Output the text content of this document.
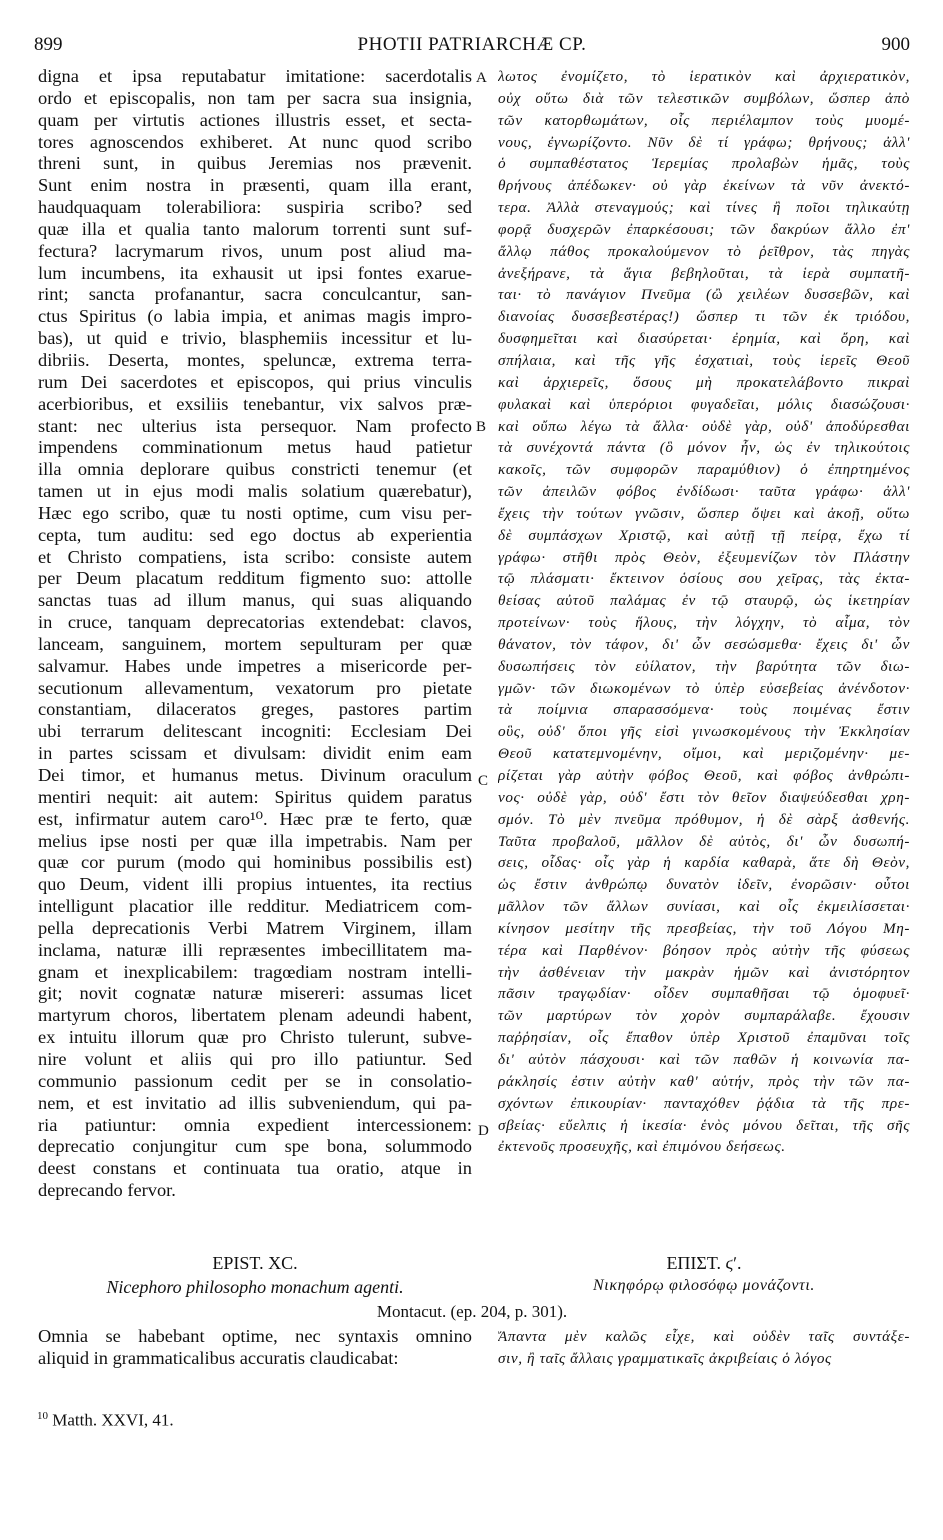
899	PHOTII PATRIARCHÆ CP.	900
digna et ipsa reputabatur imitatione: sacerdotalis
ordo et episcopalis, non tam per sacra sua insignia,
quam per virtutis actiones illustris esset, et secta-
tores agnoscendos exhiberet. At nunc quod scribo
threni sunt, in quibus Jeremias nos prævenit.
Sunt enim nostra in præsenti, quam illa erant,
haudquaquam tolerabiliora: suspiria scribo? sed
quæ illa et qualia tanto malorum torrenti sunt suf-
fectura? lacrymarum rivos, unum post aliud ma-
lum incumbens, ita exhausit ut ipsi fontes exarue-
rint; sancta profanantur, sacra conculcantur, san-
ctus Spiritus (o labia impia, et animas magis impro-
bas), ut quid e trivio, blasphemiis incessitur et lu-
dibriis. Deserta, montes, speluncæ, extrema terra-
rum Dei sacerdotes et episcopos, qui prius vinculis
acerbioribus, et exsiliis tenebantur, vix salvos præ-
stant: nec ulterius ista persequor. Nam profecto
impendens comminationum metus haud patietur
illa omnia deplorare quibus constricti tenemur (et
tamen ut in ejus modi malis solatium quærebatur),
Hæc ego scribo, quæ tu nosti optime, cum visu per-
cepta, tum auditu: sed ego doctus ab experientia
et Christo compatiens, ista scribo: consiste autem
per Deum placatum redditum figmento suo: attolle
sanctas tuas ad illum manus, qui suas aliquando
in cruce, tanquam deprecatorias extendebat: clavos,
lanceam, sanguinem, mortem sepulturam per quæ
salvamur. Habes unde impetres a misericorde per-
secutionum allevamentum, vexatorum pro pietate
constantiam, dilaceratos greges, pastores partim
ubi terrarum delitescant incogniti: Ecclesiam Dei
in partes scissam et divulsam: dividit enim eam
Dei timor, et humanus metus. Divinum oraculum
mentiri nequit: ait autem: Spiritus quidem paratus
est, infirmatur autem caro¹⁰. Hæc præ te ferto, quæ
melius ipse nosti per quæ illa impetrabis. Nam per
quæ cor purum (modo qui hominibus possibilis est)
quo Deum, vident illi propius intuentes, ita rectius
intelligunt placatior ille redditur. Mediatricem com-
pella deprecationis Verbi Matrem Virginem, illam
inclama, naturæ illi repræsentes imbecillitatem ma-
gnam et inexplicabilem: tragœdiam nostram intelli-
git; novit cognatæ naturæ misereri: assumas licet
martyrum choros, libertatem plenam adeundi habent,
ex intuitu illorum quæ pro Christo tulerunt, subve-
nire volunt et aliis qui pro illo patiuntur. Sed
communio passionum cedit per se in consolatio-
nem, et est invitatio ad illis subveniendum, qui pa-
ria patiuntur: omnia expedient intercessionem:
deprecatio conjungitur cum spe bona, solummodo
deest constans et continuata tua oratio, atque in
deprecando fervor.
λωτος ἐνομίζετο, τὸ ἱερατικὸν καὶ ἀρχιερατικὸν,
οὐχ οὕτω διὰ τῶν τελεστικῶν συμβόλων, ὥσπερ ἀπὸ
τῶν κατορθωμάτων, οἷς περιέλαμπον τοὺς μυομέ-
νους, ἐγνωρίζοντο. Νῦν δὲ τί γράφω; θρήνους; ἀλλ'
ὁ συμπαθέστατος Ἱερεμίας προλαβὼν ἡμᾶς, τοὺς
θρήνους ἀπέδωκεν· οὐ γὰρ ἐκείνων τὰ νῦν ἀνεκτό-
τερα. Ἀλλὰ στεναγμούς; καὶ τίνες ἢ ποῖοι τηλικαύτῃ
φορᾷ δυσχερῶν ἐπαρκέσουσι; τῶν δακρύων ἄλλο ἐπ'
ἄλλῳ πάθος προκαλούμενον τὸ ῥεῖθρον, τὰς πηγὰς
ἀνεξήρανε, τὰ ἅγια βεβηλοῦται, τὰ ἱερὰ συμπατῆ-
ται· τὸ πανάγιον Πνεῦμα (ὢ χειλέων δυσσεβῶν, καὶ
διανοίας δυσσεβεστέρας!) ὥσπερ τι τῶν ἐκ τριόδου,
δυσφημεῖται καὶ διασύρεται· ἐρημία, καὶ ὄρη, καὶ
σπήλαια, καὶ τῆς γῆς ἐσχατιαὶ, τοὺς ἱερεῖς Θεοῦ
καὶ ἀρχιερεῖς, ὅσους μὴ προκατελάβοντο πικραὶ
φυλακαὶ καὶ ὑπερόριοι φυγαδεῖαι, μόλις διασώζουσι·
καὶ οὔπω λέγω τὰ ἄλλα· οὐδὲ γὰρ, οὐδ' ἀποδύρεσθαι
τὰ συνέχοντά πάντα (ὃ μόνον ἦν, ὡς ἐν τηλικούτοις
κακοῖς, τῶν συμφορῶν παραμύθιον) ὁ ἐπηρτημένος
τῶν ἀπειλῶν φόβος ἐνδίδωσι· ταῦτα γράφω· ἀλλ'
ἔχεις τὴν τούτων γνῶσιν, ὥσπερ ὄψει καὶ ἀκοῇ, οὕτω
δὲ συμπάσχων Χριστῷ, καὶ αὐτῇ τῇ πείρᾳ, ἔχω τί
γράφω· στῆθι πρὸς Θεὸν, ἐξευμενίζων τὸν Πλάστην
τῷ πλάσματι· ἔκτεινον ὁσίους σου χεῖρας, τὰς ἐκτα-
θείσας αὐτοῦ παλάμας ἐν τῷ σταυρῷ, ὡς ἱκετηρίαν
προτείνων· τοὺς ἥλους, τὴν λόγχην, τὸ αἷμα, τὸν
θάνατον, τὸν τάφον, δι' ὧν σεσώσμεθα· ἔχεις δι' ὧν
δυσωπήσεις τὸν εὐίλατον, τὴν βαρύτητα τῶν διω-
γμῶν· τῶν διωκομένων τὸ ὑπὲρ εὐσεβείας ἀνένδοτον·
τὰ ποίμνια σπαρασσόμενα· τοὺς ποιμένας ἔστιν
οὓς, οὐδ' ὅποι γῆς εἰσὶ γινωσκομένους τὴν Ἐκκλησίαν
Θεοῦ κατατεμνομένην, οἴμοι, καὶ μεριζομένην· με-
ρίζεται γὰρ αὐτὴν φόβος Θεοῦ, καὶ φόβος ἀνθρώπι-
νος· οὐδὲ γὰρ, οὐδ' ἔστι τὸν θεῖον διαψεύδεσθαι χρη-
σμόν. Τὸ μὲν πνεῦμα πρόθυμον, ἡ δὲ σὰρξ ἀσθενής.
Ταῦτα προβαλοῦ, μᾶλλον δὲ αὐτὸς, δι' ὧν δυσωπή-
σεις, οἶδας· οἷς γὰρ ἡ καρδία καθαρὰ, ἅτε δὴ Θεὸν,
ὡς ἔστιν ἀνθρώπῳ δυνατὸν ἰδεῖν, ἐνορῶσιν· οὗτοι
μᾶλλον τῶν ἄλλων συνίασι, καὶ οἷς ἐκμειλίσσεται·
κίνησον μεσίτην τῆς πρεσβείας, τὴν τοῦ Λόγου Μη-
τέρα καὶ Παρθένον· βόησον πρὸς αὐτὴν τῆς φύσεως
τὴν ἀσθένειαν τὴν μακρὰν ἡμῶν καὶ ἀνιστόρητον
πᾶσιν τραγῳδίαν· οἶδεν συμπαθῆσαι τῷ ὁμοφυεῖ·
τῶν μαρτύρων τὸν χορὸν συμπαράλαβε. ἔχουσιν
παῤῥησίαν, οἷς ἔπαθον ὑπὲρ Χριστοῦ ἐπαμῦναι τοῖς
δι' αὐτὸν πάσχουσι· καὶ τῶν παθῶν ἡ κοινωνία πα-
ράκλησίς ἐστιν αὐτὴν καθ' αὑτήν, πρὸς τὴν τῶν πα-
σχόντων ἐπικουρίαν· πανταχόθεν ῥᾴδια τὰ τῆς πρε-
σβείας· εὔελπις ἡ ἱκεσία· ἑνὸς μόνου δεῖται, τῆς σῆς
ἐκτενοῦς προσευχῆς, καὶ ἐπιμόνου δεήσεως.
A
B
C
D
EPIST. XC.	ΕΠΙΣΤ. ϛʹ.
Nicephoro philosopho monachum agenti.	Νικηφόρῳ φιλοσόφῳ μονάζοντι.
Montacut. (ep. 204, p. 301).
Omnia se habebant optime, nec syntaxis omnino
aliquid in grammaticalibus accuratis claudicabat:
Ἅπαντα μὲν καλῶς εἶχε, καὶ οὐδὲν ταῖς συντάξε-
σιν, ἢ ταῖς ἄλλαις γραμματικαῖς ἀκριβείαις ὁ λόγος
$^{10}$ Matth. XXVI, 41.
